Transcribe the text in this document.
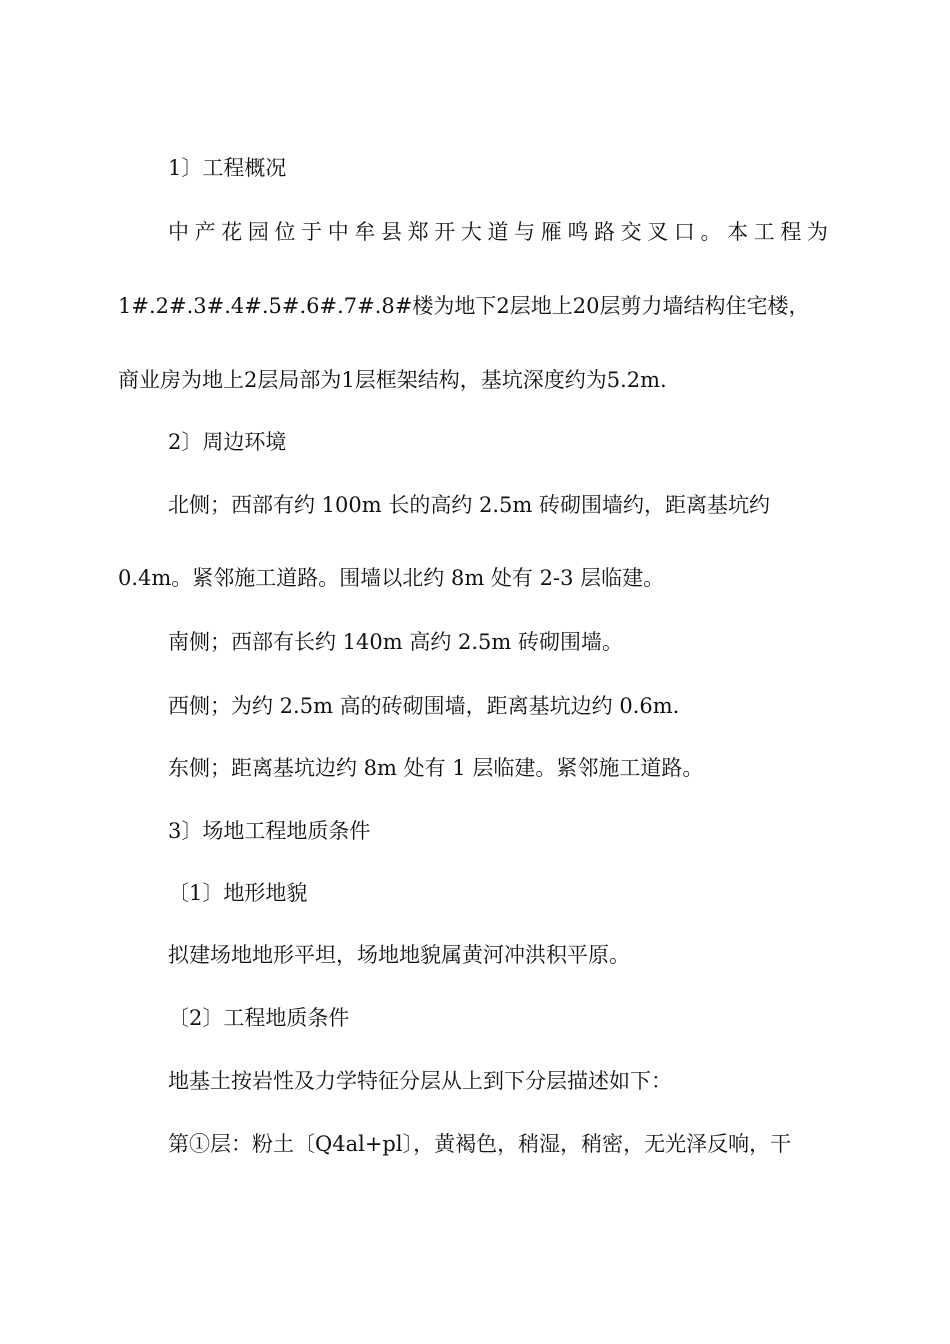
1〕工程概况
中 产 花 园 位 于 中 牟 县 郑 开 大 道 与 雁 鸣 路 交 叉 口 。 本 工 程 为
1#.2#.3#.4#.5#.6#.7#.8#楼为地下2层地上20层剪力墙结构住宅楼，
商业房为地上2层局部为1层框架结构，基坑深度约为5.2m.
2〕周边环境
北侧；西部有约 100m 长的高约 2.5m 砖砌围墙约，距离基坑约
0.4m。紧邻施工道路。围墙以北约 8m 处有 2-3 层临建。
南侧；西部有长约 140m 高约 2.5m 砖砌围墙。
西侧；为约 2.5m 高的砖砌围墙，距离基坑边约 0.6m.
东侧；距离基坑边约 8m 处有 1 层临建。紧邻施工道路。
3〕场地工程地质条件
〔1〕地形地貌
拟建场地地形平坦，场地地貌属黄河冲洪积平原。
〔2〕工程地质条件
地基土按岩性及力学特征分层从上到下分层描述如下：
第①层：粉土〔Q4al+pl〕，黄褐色，稍湿，稍密，无光泽反响，干
